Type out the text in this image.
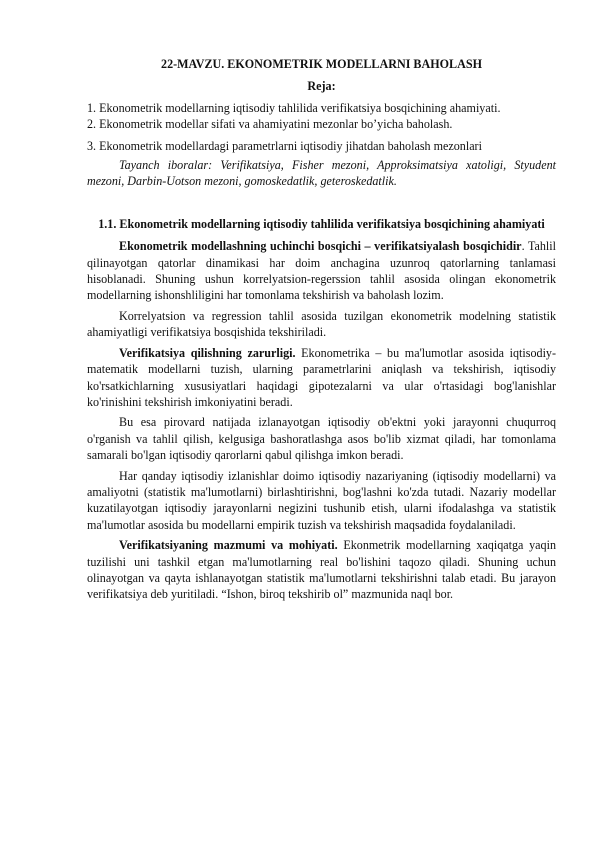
22-MAVZU. EKONOMETRIK MODELLARNI BAHOLASH

Reja:

1. Ekonometrik modellarning iqtisodiy tahlilida verifikatsiya bosqichining ahamiyati.

2. Ekonometrik modellar sifati va ahamiyatini mezonlar bo’yicha baholash.

3. Ekonometrik modellardagi parametrlarni iqtisodiy jihatdan baholash mezonlari

Tayanch iboralar: Verifikatsiya, Fisher mezoni, Approksimatsiya xatoligi, Styudent mezoni, Darbin-Uotson mezoni, gomoskedatlik, geteroskedatlik.

1.1. Ekonometrik modellarning iqtisodiy tahlilida verifikatsiya bosqichining ahamiyati

Ekonometrik modellashning uchinchi bosqichi – verifikatsiyalash bosqichidir. Tahlil qilinayotgan qatorlar dinamikasi har doim anchagina uzunroq qatorlarning tanlamasi hisoblanadi. Shuning ushun korrelyatsion-regerssion tahlil asosida olingan ekonometrik modellarning ishonshliligini har tomonlama tekshirish va baholash lozim.

Korrelyatsion va regression tahlil asosida tuzilgan ekonometrik modelning statistik ahamiyatligi verifikatsiya bosqishida tekshiriladi.

Verifikatsiya qilishning zarurligi. Ekonometrika – bu ma'lumotlar asosida iqtisodiy-matematik modellarni tuzish, ularning parametrlarini aniqlash va tekshirish, iqtisodiy ko'rsatkichlarning xususiyatlari haqidagi gipotezalarni va ular o'rtasidagi bog'lanishlar ko'rinishini tekshirish imkoniyatini beradi.

Bu esa pirovard natijada izlanayotgan iqtisodiy ob'ektni yoki jarayonni chuqurroq o'rganish va tahlil qilish, kelgusiga bashoratlashga asos bo'lib xizmat qiladi, har tomonlama samarali bo'lgan iqtisodiy qarorlarni qabul qilishga imkon beradi.

Har qanday iqtisodiy izlanishlar doimo iqtisodiy nazariyaning (iqtisodiy modellarni) va amaliyotni (statistik ma'lumotlarni) birlashtirishni, bog'lashni ko'zda tutadi. Nazariy modellar kuzatilayotgan iqtisodiy jarayonlarni negizini tushunib etish, ularni ifodalashga va statistik ma'lumotlar asosida bu modellarni empirik tuzish va tekshirish maqsadida foydalaniladi.

Verifikatsiyaning mazmumi va mohiyati. Ekonmetrik modellarning xaqiqatga yaqin tuzilishi uni tashkil etgan ma'lumotlarning real bo'lishini taqozo qiladi. Shuning uchun olinayotgan va qayta ishlanayotgan statistik ma'lumotlarni tekshirishni talab etadi. Bu jarayon verifikatsiya deb yuritiladi. “Ishon, biroq tekshirib ol” mazmunida naql bor.
